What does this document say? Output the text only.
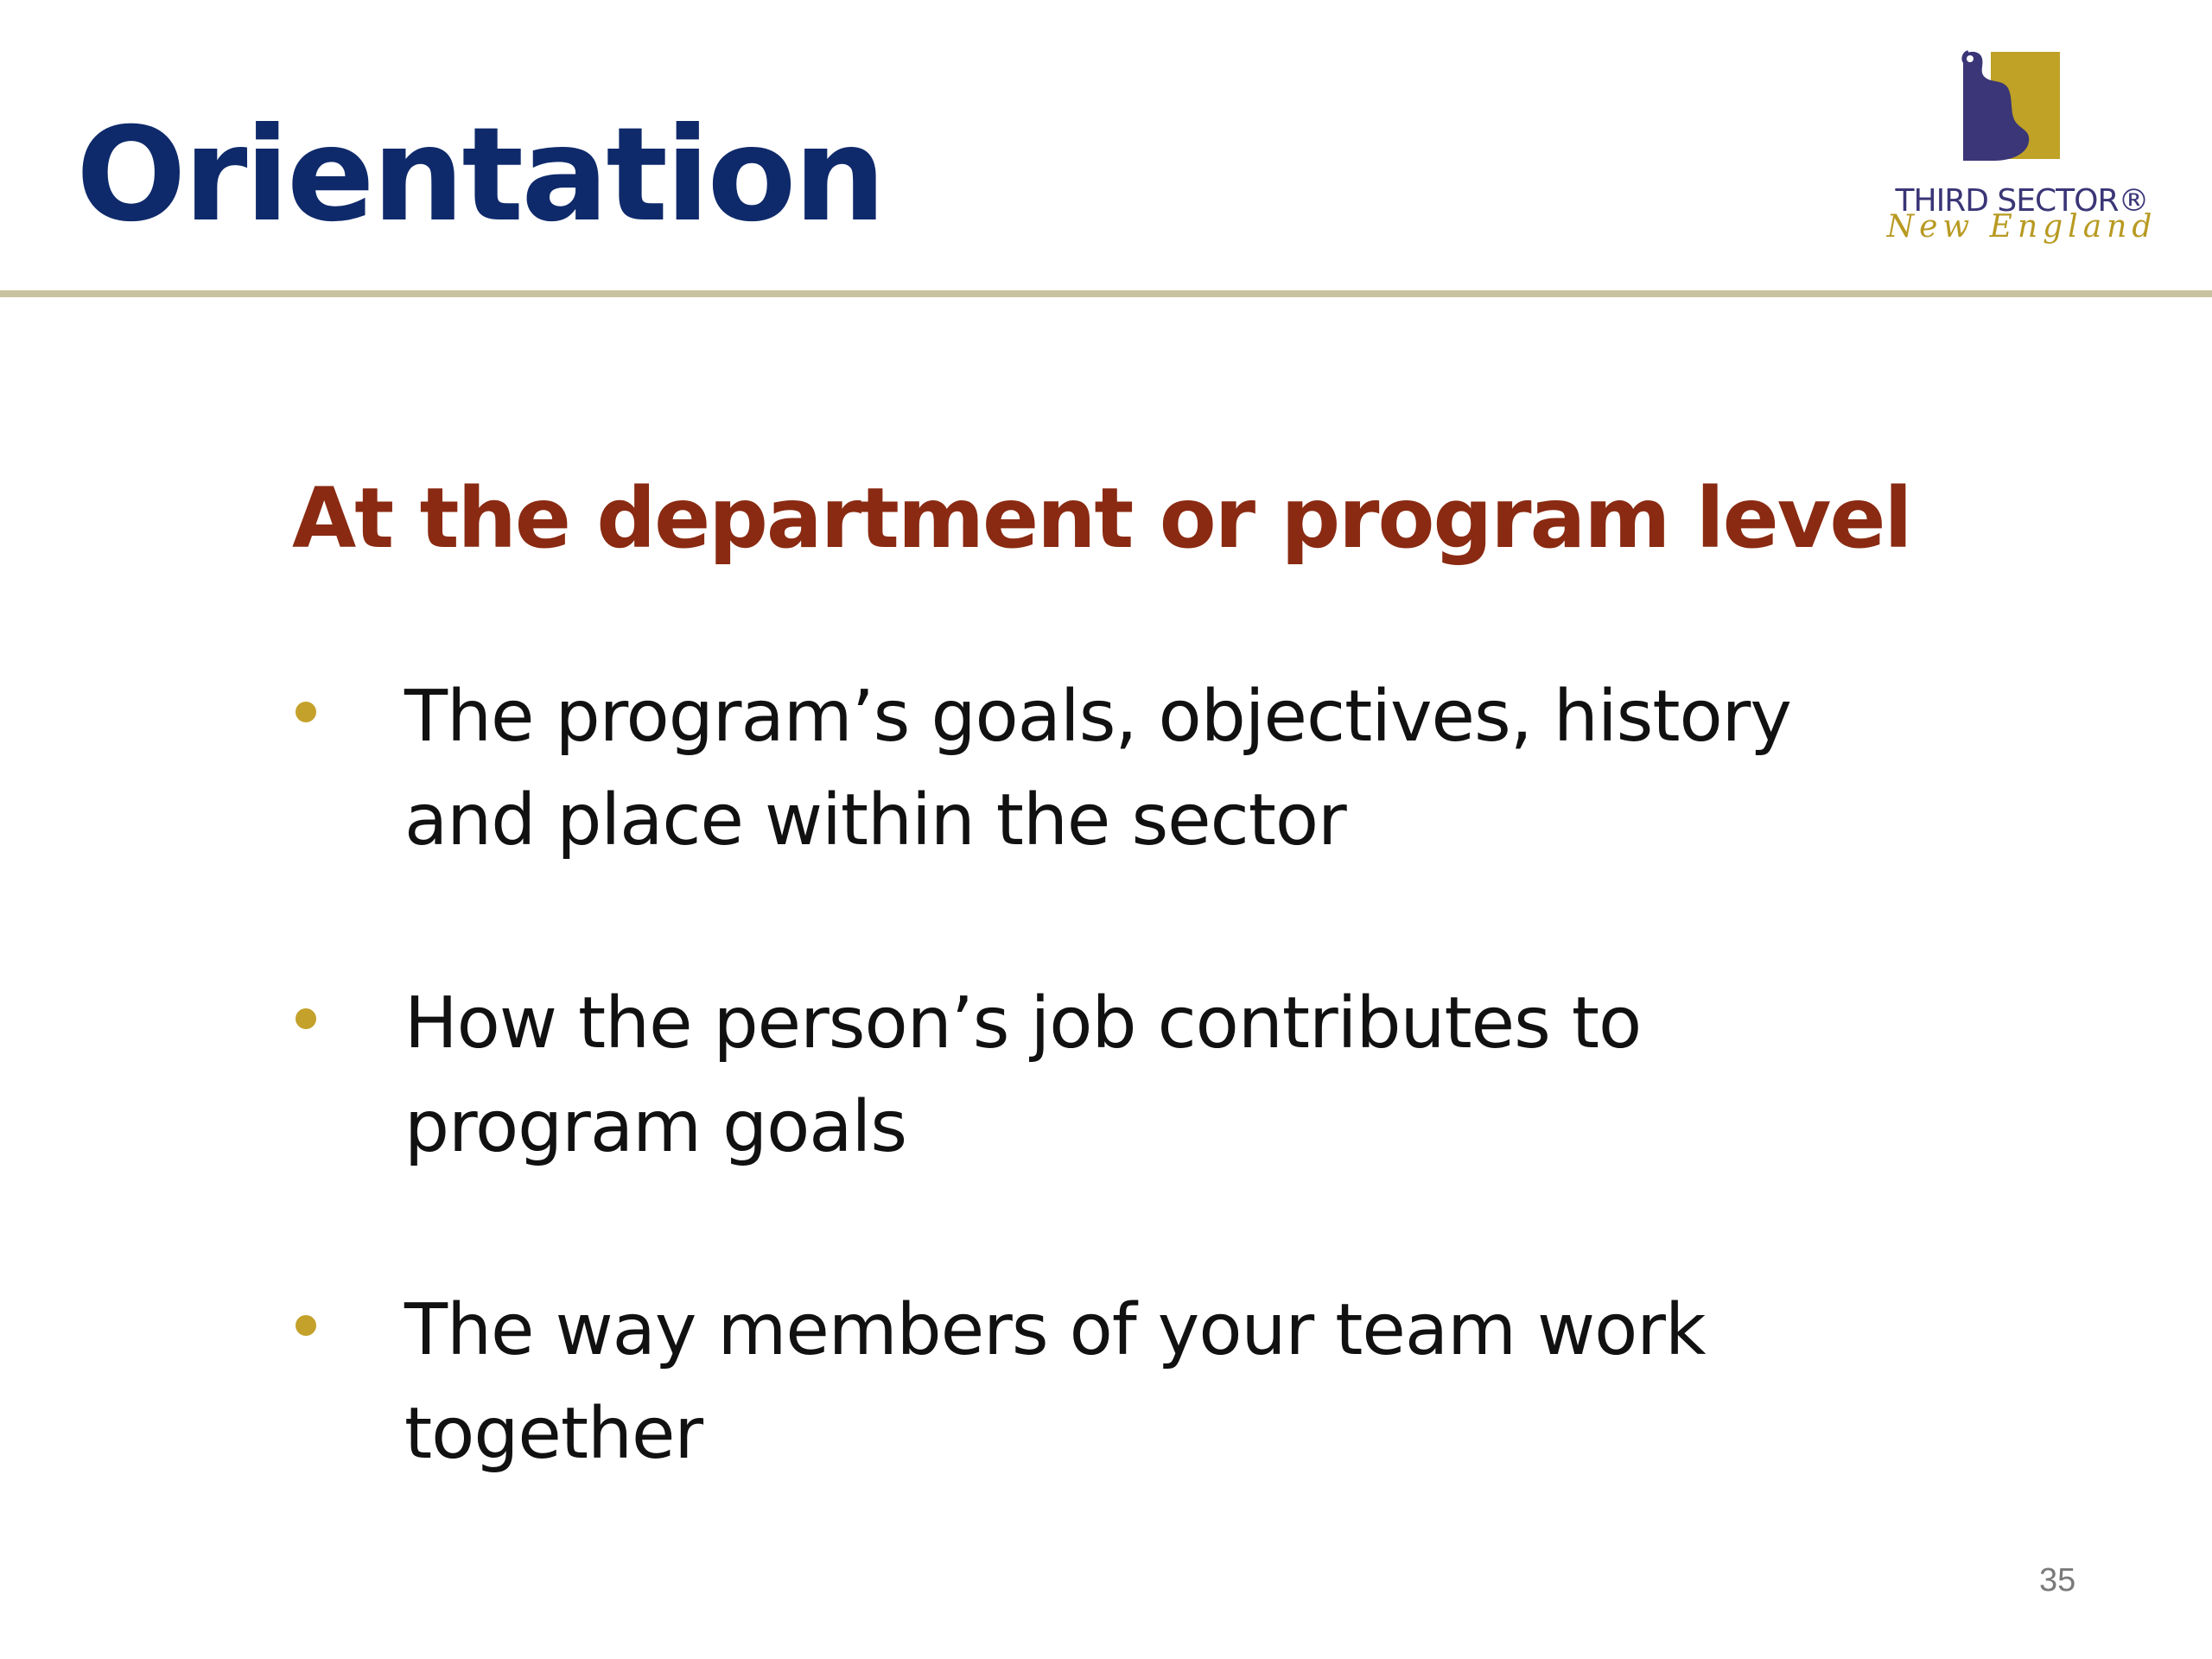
Orientation	THIRD SECTOR®
New England
At the department or program level
The program’s goals, objectives, history and place within the sector
How the person’s job contributes to program goals
The way members of your team work together
35
